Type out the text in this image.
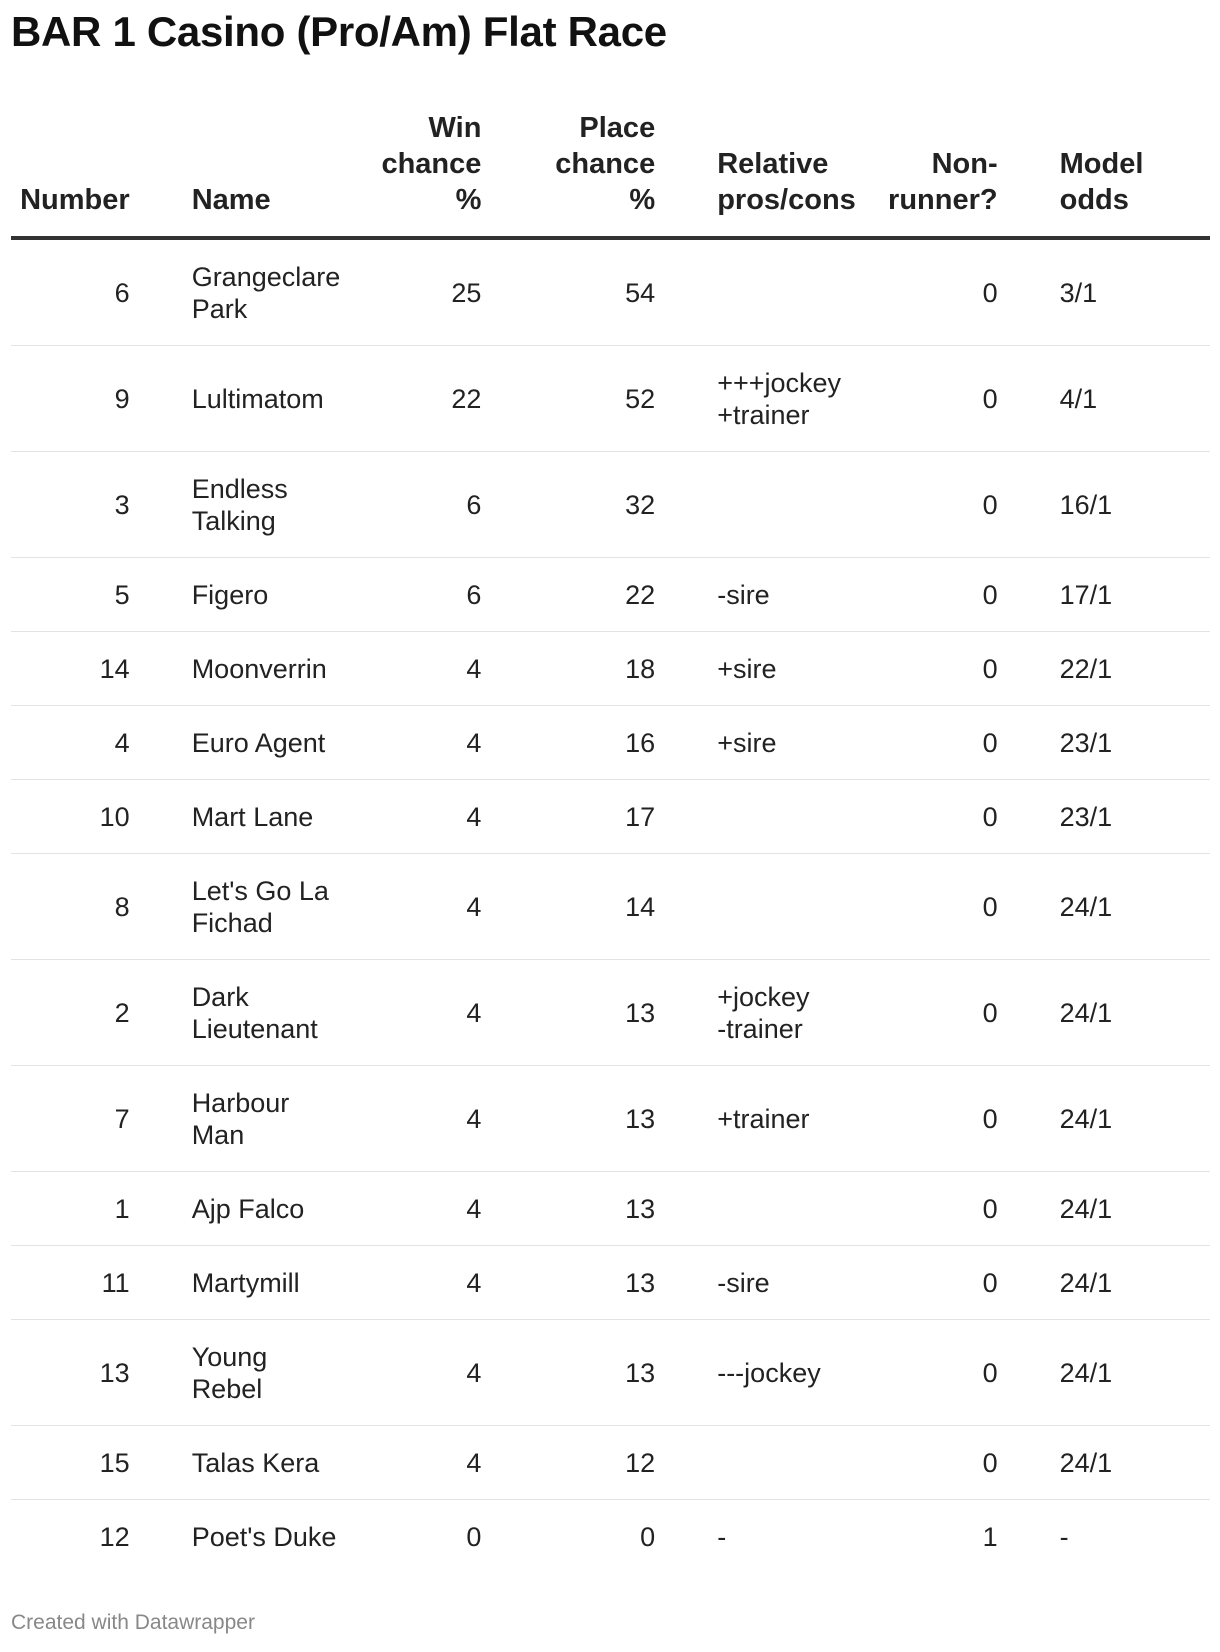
BAR 1 Casino (Pro/Am) Flat Race
Number	Name	Win
chance
%	Place
chance
%	Relative
pros/cons	Non-
runner?	Model
odds
6	Grangeclare
Park	25	54		0	3/1
9	Lultimatom	22	52	+++jockey
+trainer	0	4/1
3	Endless
Talking	6	32		0	16/1
5	Figero	6	22	-sire	0	17/1
14	Moonverrin	4	18	+sire	0	22/1
4	Euro Agent	4	16	+sire	0	23/1
10	Mart Lane	4	17		0	23/1
8	Let's Go La
Fichad	4	14		0	24/1
2	Dark
Lieutenant	4	13	+jockey
-trainer	0	24/1
7	Harbour
Man	4	13	+trainer	0	24/1
1	Ajp Falco	4	13		0	24/1
11	Martymill	4	13	-sire	0	24/1
13	Young
Rebel	4	13	---jockey	0	24/1
15	Talas Kera	4	12		0	24/1
12	Poet's Duke	0	0	-	1	-
Created with Datawrapper
